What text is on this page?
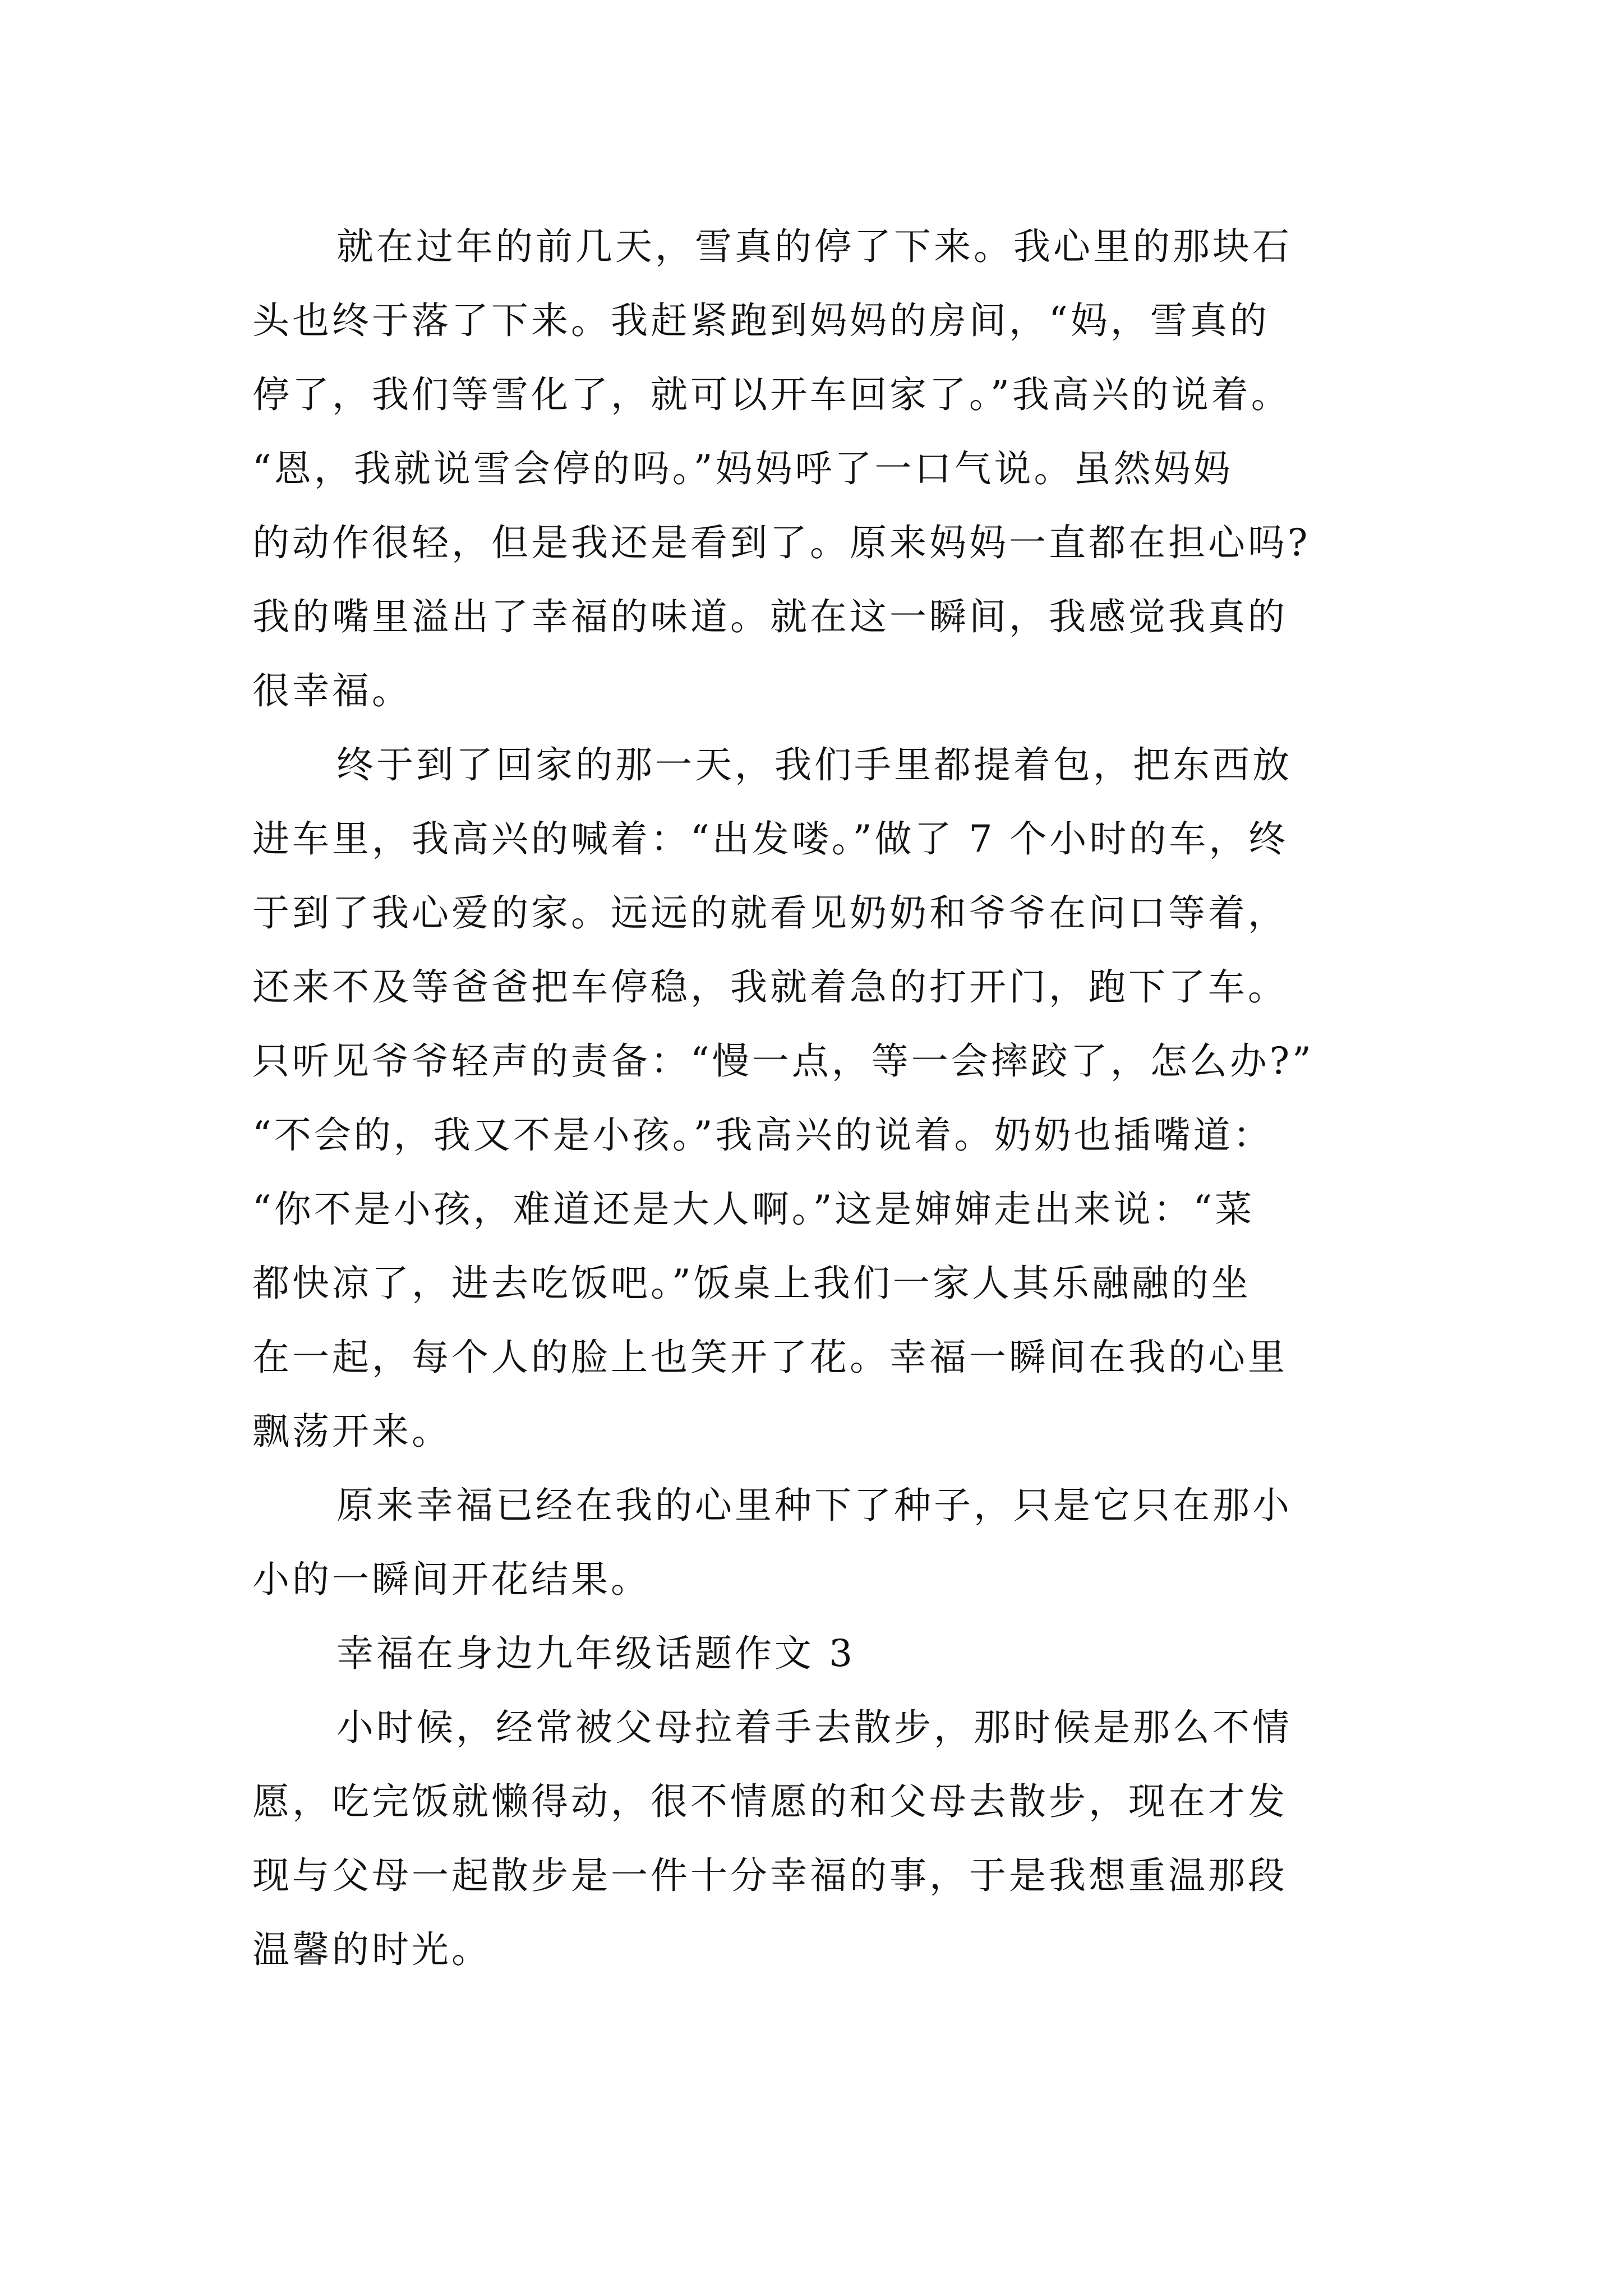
就在过年的前几天，雪真的停了下来。我心里的那块石
头也终于落了下来。我赶紧跑到妈妈的房间，“妈，雪真的
停了，我们等雪化了，就可以开车回家了。”我高兴的说着。
“恩，我就说雪会停的吗。”妈妈呼了一口气说。虽然妈妈
的动作很轻，但是我还是看到了。原来妈妈一直都在担心吗?
我的嘴里溢出了幸福的味道。就在这一瞬间，我感觉我真的
很幸福。
终于到了回家的那一天，我们手里都提着包，把东西放
进车里，我高兴的喊着：“出发喽。”做了 7 个小时的车，终
于到了我心爱的家。远远的就看见奶奶和爷爷在问口等着，
还来不及等爸爸把车停稳，我就着急的打开门，跑下了车。
只听见爷爷轻声的责备：“慢一点，等一会摔跤了，怎么办?”
“不会的，我又不是小孩。”我高兴的说着。奶奶也插嘴道：
“你不是小孩，难道还是大人啊。”这是婶婶走出来说：“菜
都快凉了，进去吃饭吧。”饭桌上我们一家人其乐融融的坐
在一起，每个人的脸上也笑开了花。幸福一瞬间在我的心里
飘荡开来。
原来幸福已经在我的心里种下了种子，只是它只在那小
小的一瞬间开花结果。
幸福在身边九年级话题作文 3
小时候，经常被父母拉着手去散步，那时候是那么不情
愿，吃完饭就懒得动，很不情愿的和父母去散步，现在才发
现与父母一起散步是一件十分幸福的事，于是我想重温那段
温馨的时光。
